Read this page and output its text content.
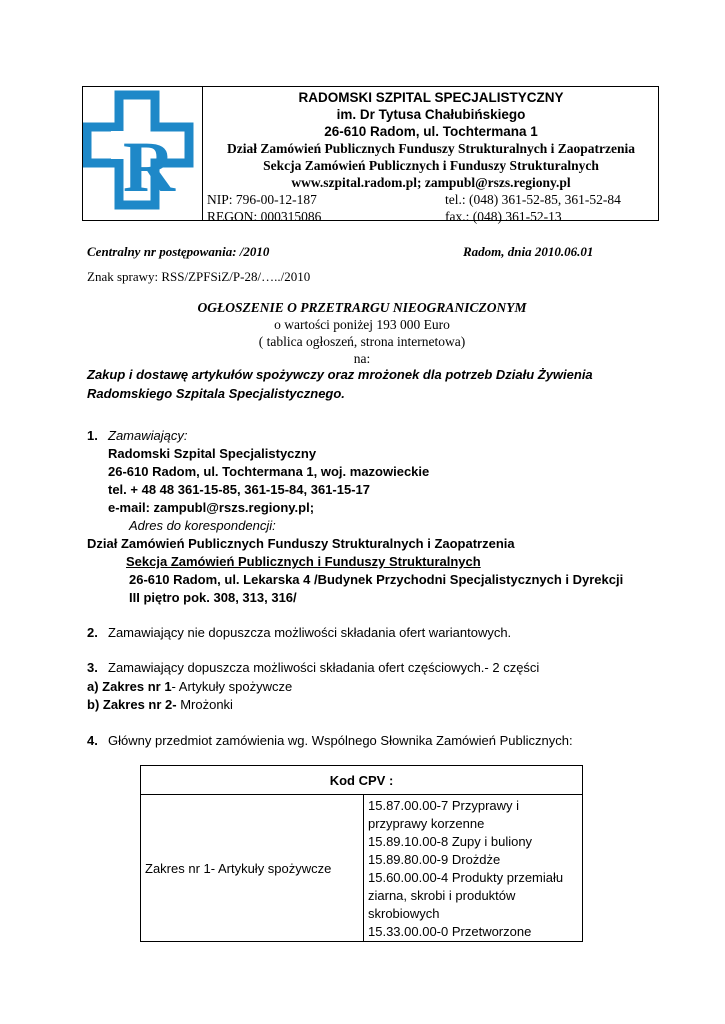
R
RADOMSKI SZPITAL SPECJALISTYCZNY
im. Dr Tytusa Chałubińskiego
26-610 Radom, ul. Tochtermana 1
Dział Zamówień Publicznych Funduszy Strukturalnych i Zaopatrzenia
Sekcja Zamówień Publicznych i Funduszy Strukturalnych
www.szpital.radom.pl; zampubl@rszs.regiony.pl
NIP: 796-00-12-187	tel.: (048) 361-52-85, 361-52-84
REGON: 000315086	fax.: (048) 361-52-13
Centralny nr postępowania: /2010	Radom, dnia 2010.06.01
Znak sprawy: RSS/ZPFSiZ/P-28/…../2010
OGŁOSZENIE O PRZETRARGU NIEOGRANICZONYM
o wartości poniżej 193 000 Euro
( tablica ogłoszeń, strona internetowa)
na:
Zakup i dostawę artykułów spożywczy oraz mrożonek dla potrzeb Działu Żywienia
Radomskiego Szpitala Specjalistycznego.
1. Zamawiający:
Radomski Szpital Specjalistyczny
26-610 Radom, ul. Tochtermana 1, woj. mazowieckie
tel. + 48 48 361-15-85, 361-15-84, 361-15-17
e-mail: zampubl@rszs.regiony.pl;
Adres do korespondencji:
Dział Zamówień Publicznych Funduszy Strukturalnych i Zaopatrzenia
Sekcja Zamówień Publicznych i Funduszy Strukturalnych
26-610 Radom, ul. Lekarska 4 /Budynek Przychodni Specjalistycznych i Dyrekcji
III piętro pok. 308, 313, 316/
2. Zamawiający nie dopuszcza możliwości składania ofert wariantowych.
3. Zamawiający dopuszcza możliwości składania ofert częściowych.- 2 części
a) Zakres nr 1- Artykuły spożywcze
b) Zakres nr 2- Mrożonki
4. Główny przedmiot zamówienia wg. Wspólnego Słownika Zamówień Publicznych:
Kod CPV :
Zakres nr 1- Artykuły spożywcze	
15.87.00.00-7 Przyprawy i
przyprawy korzenne
15.89.10.00-8 Zupy i buliony
15.89.80.00-9 Drożdże
15.60.00.00-4 Produkty przemiału
ziarna, skrobi i produktów
skrobiowych
15.33.00.00-0 Przetworzone
